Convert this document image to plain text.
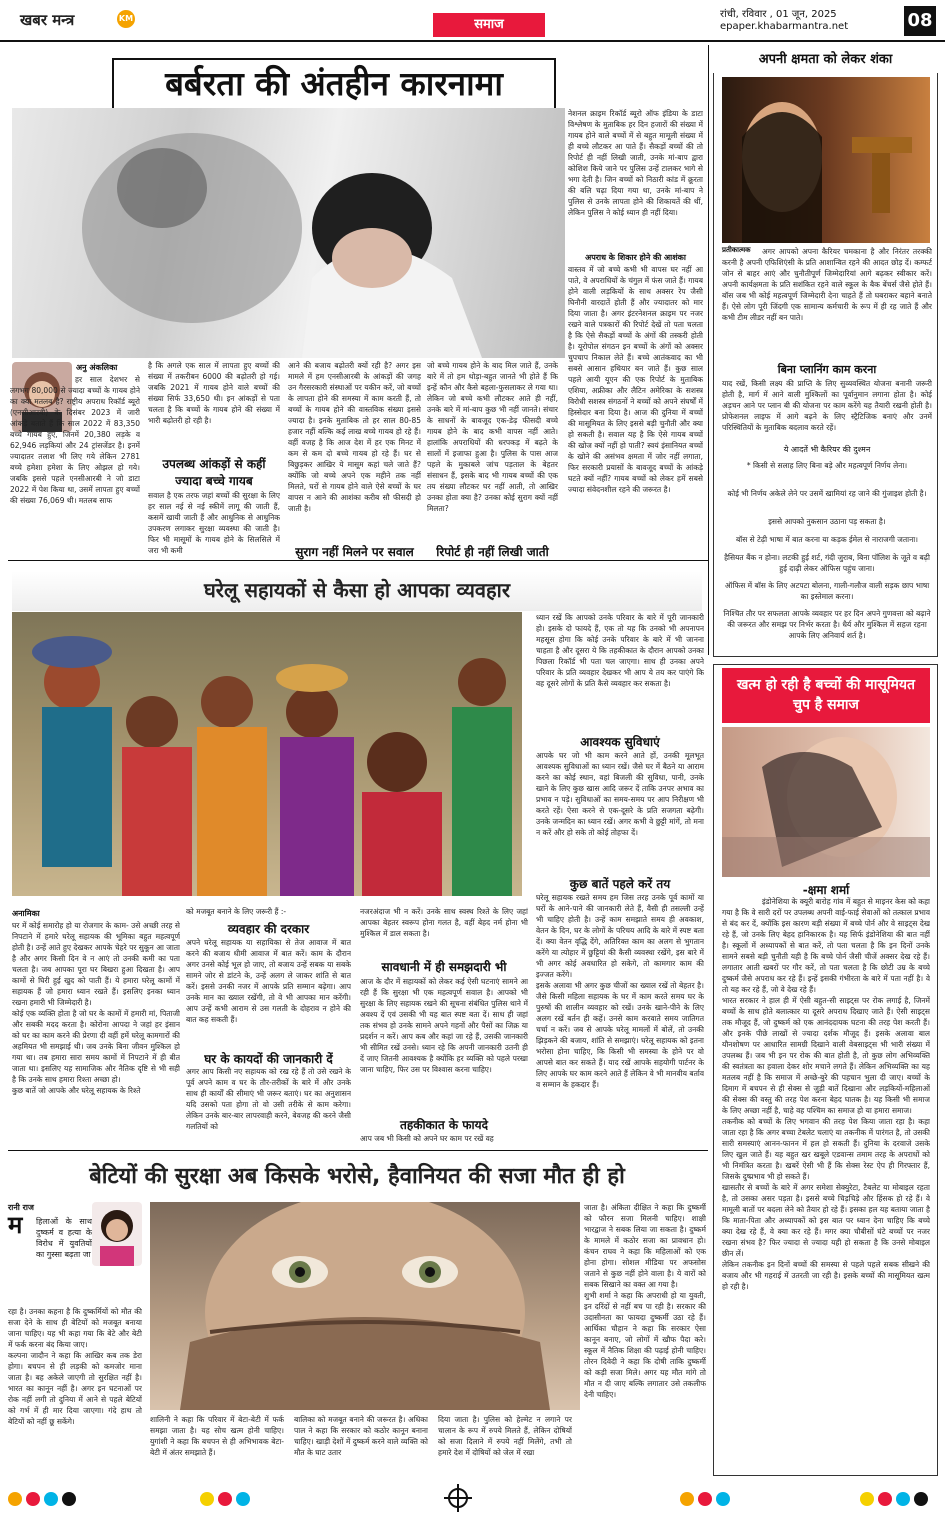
खबर मन्त्र	KM	समाज
रांची, रविवार , 01 जून, 2025
epaper.khabarmantra.net	08
बर्बरता की अंतहीन कारनामा
अनु अंकलिका
हर साल देशभर से लगभग 80,000 से ज्यादा बच्चों के गायब होने का क्या मतलब है? राष्ट्रीय अपराध रिकॉर्ड ब्यूरो (एनसीआरबी) के दिसंबर 2023 में जारी आंकड़े बताते हैं कि साल 2022 में 83,350 बच्चे गायब हुए, जिनमें 20,380 लड़के व 62,946 लड़कियां और 24 ट्रांसजेंडर है। इनमें ज्यादातर तलाश भी लिए गये लेकिन 2781 बच्चे हमेशा हमेशा के लिए ओझल हो गये। जबकि इससे पहले एनसीआरबी ने जो डाटा 2022 में पेश किया था, उसमें लापता हुए बच्चों की संख्या 76,069 थी। मतलब साफ
है कि अगले एक साल में लापता हुए बच्चों की संख्या में तकरीबन 6000 की बढ़ोतरी हो गई। जबकि 2021 में गायब होने वाले बच्चों की संख्या सिर्फ 33,650 थी। इन आंकड़ों से पता चलता है कि बच्चों के गायब होने की संख्या में भारी बढ़ोतरी हो रही है।
उपलब्ध आंकड़ों से कहीं ज्यादा बच्चे गायब
सवाल है एक तरफ जहां बच्चों की सुरक्षा के लिए हर साल नई से नई स्कीमें लागू की जाती हैं, कसमें खायी जाती हैं और आधुनिक से आधुनिक उपकरण लगाकर सुरक्षा व्यवस्था की जाती है। फिर भी मासूमों के गायब होने के सिलसिले में जरा भी कमी
आने की बजाय बढ़ोतरी क्यों रही है? अगर इस मामले में हम एनसीआरबी के आंकड़ों की जगह उन गैरसरकारी संस्थाओं पर यकीन करें, जो बच्चों के लापता होने की समस्या में काम करती हैं, तो बच्चों के गायब होने की वास्तविक संख्या इससे ज्यादा है। इनके मुताबिक तो हर साल 80-85 हजार नहीं बल्कि कई लाख बच्चे गायब हो रहे हैं। वहीं वजह है कि आज देश में हर एक मिनट में कम से कम दो बच्चे गायब हो रहे हैं। घर से बिछुड़कर आखिर ये मासूम कहां चले जाते हैं? क्योंकि जो बच्चे अपने एक महीने तक नहीं मिलते, घरों से गायब होने वाले ऐसे बच्चों के घर वापस न आने की आशंका करीब सौ फीसदी हो जाती है।
सुराग नहीं मिलने पर सवाल
जो बच्चे गायब होने के बाद मिल जाते हैं, उनके बारे में तो हम थोड़ा-बहुत जानते भी होते हैं कि इन्हें कौन और कैसे बहला-फुसलाकर ले गया था। लेकिन जो बच्चे कभी लौटकर आते ही नहीं, उनके बारे में मां-बाप कुछ भी नहीं जानते। संचार के साधनों के बावजूद एक-डेढ़ फीसदी बच्चे गायब होने के बाद कभी वापस नहीं आते। हालांकि अपराधियों की धरपकड़ में बढ़ते के सालों में इजाफा हुआ है। पुलिस के पास आज पहले के मुकाबले जांच पड़ताल के बेहतर संसाधन हैं, इसके बाद भी गायब बच्चों की एक तय संख्या लौटकर घर नहीं आती, तो आखिर उनका होता क्या है? उनका कोई सुराग क्यों नहीं मिलता?
रिपोर्ट ही नहीं लिखी जाती
नेशनल क्राइम रिकॉर्ड ब्यूरो ऑफ इंडिया के डाटा विश्लेषण के मुताबिक हर दिन हजारों की संख्या में गायब होने वाले बच्चों में से बहुत मामूली संख्या में ही बच्चे लौटकर आ पाते हैं। सैकड़ों बच्चों की तो रिपोर्ट ही नहीं लिखी जाती, उनके मां-बाप द्वारा कोशिश किये जाने पर पुलिस उन्हें टालकर भागे से भगा देती है। जिन बच्चों को निठारी कांड में क्रूरता की बलि चढ़ा दिया गया था, उनके मां-बाप ने पुलिस से उनके लापता होने की शिकायतें की थीं, लेकिन पुलिस ने कोई ध्यान ही नहीं दिया।
अपराध के शिकार होने की आशंका
वास्तव में जो बच्चे कभी भी वापस घर नहीं आ पाते, वे अपराधियों के चंगुल में फंस जाते हैं। गायब होने वाली लड़कियों के साथ अक्सर रेप जैसी घिनौनी वारदातें होती हैं और ज्यादातर को मार दिया जाता है। अगर इंटरनेशनल क्राइम पर नजर रखने वाले पत्रकारों की रिपोर्ट देखें तो पता चलता है कि ऐसे सैकड़ों बच्चों के अंगों की तस्करी होती है। यूरोपोल संगठन इन बच्चों के अंगों को अक्सर चुपचाप निकाल लेते हैं। बच्चे आतंकवाद का भी सबसे आसान हथियार बन जाते हैं। कुछ साल पहले आयी यूएन की एक रिपोर्ट के मुताबिक एशिया, अफ्रीका और लैटिन अमेरिका के सशस्त्र विरोधी सशस्त्र संगठनों ने बच्चों को अपने संघर्षों में हिस्सेदार बना दिया है। आज की दुनिया में बच्चों की मासूमियत के लिए इससे बड़ी चुनौती और क्या हो सकती है। सवाल यह है कि ऐसे गायब बच्चों की खोज क्यों नहीं हो पाती? स्वयं इंसानियत बच्चों के खोने की असंभव क्षमता में जोर नहीं लगाता, फिर सरकारी प्रयासों के बावजूद बच्चों के आंकड़े घटते क्यों नहीं? गायब बच्चों को लेकर हमें सबसे ज्यादा संवेदनशील रहने की जरूरत है।
अपनी क्षमता को लेकर शंका
प्रतीकात्मक	अगर आपको अपना कैरियर चमकाना है और निरंतर तरक्की करनी है अपनी एफिशिएंसी के प्रति आशान्वित रहने की आदत छोड़ दें। कम्फर्ट जोन से बाहर आएं और चुनौतीपूर्ण जिम्मेदारियां आगे बढ़कर स्वीकार करें। अपनी कार्यक्षमता के प्रति सशंकित रहने वाले स्कूल के बैक बेंचर्स जैसे होते हैं। बॉस जब भी कोई महत्वपूर्ण जिम्मेदारी देना चाहते हैं तो घबराकर बहाने बनाते हैं। ऐसे लोग पूरी जिंदगी एक सामान्य कर्मचारी के रूप में ही रह जाते हैं और कभी टीम लीडर नहीं बन पाते।
बिना प्लानिंग काम करना
याद रखें, किसी लक्ष्य की प्राप्ति के लिए सुव्यवस्थित योजना बनानी जरूरी होती है, मार्ग में आने वाली मुश्किलों का पूर्वानुमान लगाना होता है। कोई अड़चन आने पर प्लान बी की योजना पर काम करेंगे यह तैयारी रखनी होती है। प्रोफेशनल लाइफ में आगे बढ़ने के लिए स्ट्रैटिजिक बनाएं और उनमें परिस्थितियों के मुताबिक बदलाव करते रहें।
ये आदतें भी कैरियर की दुश्मन
* किसी से सलाह लिए बिना बड़े और महत्वपूर्ण निर्णय लेना।
कोई भी निर्णय अकेले लेने पर उसमें खामियां रह जाने की गुंजाइश होती है।
इससे आपको नुकसान उठाना पड़ सकता है।
बॉस से टेढ़ी भाषा में बात करना या कड़क ईमेल से नाराजगी जताना।
हैसियत बैंक न होना। लटकी हुई शर्ट, गंदी जुराब, बिना पॉलिश के जूते व बढ़ी हुई दाढ़ी लेकर ऑफिस पहुंच जाना।
ऑफिस में बॉस के लिए अटपटा बोलना, गाली-गलौज वाली सड़क छाप भाषा का इस्तेमाल करना।
निश्चित तौर पर सफलता आपके व्यवहार पर हर दिन अपने गुणवत्ता को बढ़ाने की जरूरत और समझ पर निर्भर करता है। धैर्य और मुश्किल में सहज रहना आपके लिए अनिवार्य शर्त है।
घरेलू सहायकों से कैसा हो आपका व्यवहार
ध्यान रखें कि आपको उनके परिवार के बारे में पूरी जानकारी हो। इसके दो फायदे हैं, एक तो यह कि उनको भी अपनापन महसूस होगा कि कोई उनके परिवार के बारे में भी जानना चाहता है और दूसरा ये कि तहकीकात के दौरान आपको उनका पिछला रिकॉर्ड भी पता चल जाएगा। साथ ही उनका अपने परिवार के प्रति व्यवहार देखकर भी आप ये तय कर पाएंगे कि वह दूसरे लोगों के प्रति कैसे व्यवहार कर सकता है।
आवश्यक सुविधाएं
आपके घर जो भी काम करने आते हों, उनकी मूलभूत आवश्यक सुविधाओं का ध्यान रखें। जैसे घर में बैठने या आराम करने का कोई स्थान, वहां बिजली की सुविधा, पानी, उनके खाने के लिए कुछ खास आदि जरूर दें ताकि उनपर अभाव का प्रभाव न पड़े। सुविधाओं का समय-समय पर आप निरीक्षण भी करते रहें। ऐसा करने से एक-दूसरे के प्रति सजगता बढ़ेगी। उनके जन्मदिन का ध्यान रखें। अगर कभी वे छुट्टी मांगें, तो मना न करें और हो सके तो कोई तोहफा दें।
कुछ बातें पहले करें तय
घरेलू सहायक रखते समय हम जिस तरह उनके पूर्व कामों या घरों के आने-पाने की जानकारी लेते हैं, वैसी ही तसल्ली उन्हें भी चाहिए होती है। उन्हें काम समझाते समय ही अवकाश, वेतन के दिन, घर के लोगों के परिचय आदि के बारे में स्पष्ट बता दें। क्या वेतन वृद्धि देंगे, अतिरिक्त काम का अलग से भुगतान करेंगे या त्योहार में छुट्टियां की कैसी व्यवस्था रखेंगे, इस बारे में भी अगर कोई अवधारित हो सकेगे, तो कामगार काम की इज्जत करेंगे।
इसके अलावा भी अगर कुछ चीजों का ख्याल रखें तो बेहतर है। जैसे किसी महिला सहायक के घर में काम करते समय घर के पुरुषों की शालीन व्यवहार को रखें। उनके खाने-पीने के लिए अलग रखें बर्तन ही कहें। उनसे काम करवाते समय जातिगत चर्चा न करें। जब से आपके घरेलू मामलों में बोलें, तो उनकी झिड़कने की बजाय, शांति से समझाएं। घरेलू सहायक को इतना भरोसा होना चाहिए, कि किसी भी समस्या के होने पर वो आपसे बात कर सकते हैं। याद रखें आपके सहयोगी पार्टनर के लिए आपके घर काम करने आते हैं लेकिन वे भी मानवीय बर्ताव व सम्मान के हकदार हैं।
अनामिका
घर में कोई समारोह हो या रोजगार के काम- उसे अच्छी तरह से निपटाने में हमारे घरेलू सहायक की भूमिका बहुत महत्वपूर्ण होती है। उन्हें आते हुए देखकर आपके चेहरे पर सुकून आ जाता है और अगर किसी दिन वे न आएं तो उनकी कमी का पता चलता है। जब आपका पूरा घर बिखरा हुआ दिखता है। आप कामों से घिरी हुई खुद को पाती हैं। ये हमारा घरेलू कामों में सहायक हैं जो हमारा ध्यान रखते हैं। इसलिए इनका ध्यान रखना हमारी भी जिम्मेदारी है।
कोई एक व्यक्ति होता है जो घर के कामों में हमारी मां, पिताजी और सबकी मदद करता है। कोरोना आपदा ने जहां हर इंसान को घर का काम करने की प्रेरणा दी वहीं हमें घरेलू कामगारों की अहमियत भी समझाई थी। जब उनके बिना जीवन मुश्किल हो गया था। तब हमारा सारा समय कामों में निपटाने में ही बीत जाता था। इसलिए यह सामाजिक और नैतिक दृष्टि से भी सही है कि उनके साथ हमारा रिश्ता अच्छा हो।
कुछ बातें जो आपके और घरेलू सहायक के रिश्ते
को मजबूत बनाने के लिए जरूरी हैं :-
व्यवहार की दरकार
अपने घरेलू सहायक या सहायिका से तेज आवाज में बात करने की बजाय धीमी आवाज में बात करें। काम के दौरान अगर उनसे कोई भूल हो जाए, तो बजाय उन्हें सबक या सबके सामने जोर से डांटने के, उन्हें अलग ले जाकर शांति से बात करें। इससे उनकी नजर में आपके प्रति सम्मान बढ़ेगा। आप उनके मान का ख्याल रखेंगी, तो वे भी आपका मान करेंगी। आप उन्हें कभी आराम से उस गलती के दोहराव न होने की बात कह सकती हैं।
घर के कायदों की जानकारी दें
अगर आप किसी नए सहायक को रख रहे हैं तो उसे रखने के पूर्व अपने काम व घर के तौर-तरीकों के बारे में और उनके साथ ही कार्यों की सीमाएं भी जरूर बताएं। घर का अनुशासन यदि उसको पता होगा तो वो उसी तरीके से काम करेगा। लेकिन उनके बार-बार लापरवाही करने, बेवजह की करने जैसी गलतियों को
नजरअंदाज भी न करें। उनके साथ स्वस्थ रिश्ते के लिए जहां आपका बेहतर स्वरूप होना गलत है, वहीं बेहद नर्म होना भी मुश्किल में डाल सकता है।
सावधानी में ही समझदारी भी
आज के दौर में सहायकों को लेकर कई ऐसी घटनाएं सामने आ रही हैं कि सुरक्षा भी एक महत्वपूर्ण सवाल है। आपको भी सुरक्षा के लिए सहायक रखने की सूचना संबंधित पुलिस थाने में अवश्य दें एवं उसकी भी यह बात स्पष्ट बता दें। साथ ही जहां तक संभव हो उनके सामने अपने गहनों और पैसों का जिक्र या प्रदर्शन न करें। आप कब और कहां जा रहे हैं, उसकी जानकारी भी सीमित रखें उनसे। ध्यान रहे कि अपनी जानकारी उतनी ही दें जाए जितनी आवश्यक है क्योंकि हर व्यक्ति को पहले परखा जाना चाहिए, फिर उस पर विश्वास करना चाहिए।
तहकीकात के फायदे
आप जब भी किसी को अपने घर काम पर रखें वह
खत्म हो रही है बच्चों की मासूमियत चुप है समाज
-क्षमा शर्मा
इंडोनेशिया के क्यूरी बारोह गांव में बहुत से माइनर केस को कहा गया है कि वे सारी दरों पर उपलब्ध अपनी वाई-फाई सेवाओं को तत्काल प्रभाव से बंद कर दें, क्योंकि इस कारण बड़ी संख्या में बच्चे पोर्न और वे साइट्स देख रहे हैं, जो उनके लिए बेहद हानिकारक है। यह सिर्फ इंडोनेशिया की बात नहीं है। स्कूलों में अध्यापकों से बात करें, तो पता चलता है कि इन दिनों उनके सामने सबसे बड़ी चुनौती यही है कि बच्चे पोर्न जैसी चीजें अक्सर देख रहे हैं। लगातार आती खबरों पर गौर करें, तो पता चलता है कि छोटी उम्र के बच्चे दुष्कर्म जैसे अपराध कर रहे हैं। इन्हें इसकी गंभीरता के बारे में पता नहीं है। वे तो यह कर रहे हैं, जो वे देख रहे हैं।
भारत सरकार ने हाल ही में ऐसी बहुत-सी साइट्स पर रोक लगाई है, जिनमें बच्चों के साथ होते बलात्कार या दूसरे अपराध दिखाए जाते हैं। ऐसी साइट्स तक मौजूद हैं, जो दुष्कर्म को एक आनंददायक घटना की तरह पेश करती हैं। और इनके पीछे लाखों से ज्यादा दर्शक मौजूद हैं। इसके अलावा बाल यौनशोषण पर आधारित सामग्री दिखाने वाली वेबसाइट्स भी भारी संख्या में उपलब्ध हैं। जब भी इन पर रोक की बात होती है, तो कुछ लोग अभिव्यक्ति की स्वतंत्रता का हवाला देकर शोर मचाने लगते हैं। लेकिन अभिव्यक्ति का यह मतलब नहीं है कि समाज में अच्छे-बुरे की पहचान भुला दी जाए। बच्चों के दिमाग में बचपन से ही सेक्स से जुड़ी बातें दिखाना और लड़कियों-महिलाओं की सेक्स की वस्तु की तरह पेश करना बेहद घातक है। यह किसी भी समाज के लिए अच्छा नहीं है, चाहे वह पश्चिम का समाज हो या हमारा समाज।
तकनीक को बच्चों के लिए भगवान की तरह पेश किया जाता रहा है। कहा जाता रहा है कि अगर बच्चा टेबलेट चलाएं या तकनीक में पारंगत है, तो उसकी सारी समस्याएं आनन-फानन में हल हो सकती हैं। दुनिया के दरवाजे उसके लिए खुल जाते हैं। यह बहुत खर खबूले एडवान्स तमाम तरह के अपराधों को भी निमंत्रित करता है। खबरें ऐसी भी हैं कि सेक्स रेस्ट ऐप ही गिरफ्तार हैं, जिसके दुष्प्रभाव भी हो सकते हैं।
खासतौर से बच्चों के बारे में अगर समेशा सेक्युरेटा, टैबलेट या मोबाइल रहता है, तो उसका असर पड़ता है। इससे बच्चे चिड़चिड़े और हिंसक हो रहे हैं। वे मामूली बातों पर बदला लेने को तैयार हो रहे हैं। इसका हल यह बताया जाता है कि माता-पिता और अध्यापकों को इस बात पर ध्यान देना चाहिए कि बच्चे क्या देख रहे हैं, वे क्या कर रहे हैं। मगर क्या चौबीसों घंटे बच्चों पर नजर रखना संभव है? फिर ज्यादा से ज्यादा यही हो सकता है कि उनसे मोबाइल छीन लें।
लेकिन तकनीक इन दिनों बच्चों की समस्या से पहले पहले सबक सीखने की बजाय और भी गहराई में उतरती जा रही है। इसके बच्चों की मासूमियत खत्म हो रही है।
बेटियों की सुरक्षा अब किसके भरोसे, हैवानियत की सजा मौत ही हो
रानी राज
म हिलाओं के साथ दुष्कर्म व हत्या के विरोध में युवतियों का गुस्सा बढ़ता जा
रहा है। उनका कहना है कि दुष्कर्मियों को मौत की सजा देने के साथ ही बेटियों को मजबूत बनाया जाना चाहिए। यह भी कहा गया कि बेटे और बेटी में फर्क करना बंद किया जाए।
कल्पना जादौन ने कहा कि आखिर कब तक डेरा होगा। बचपन से ही लड़की को कमजोर माना जाता है। बह अकेले जाएगी तो सुरक्षित नहीं है। भारत का कानून नहीं है। अगर इन घटनाओं पर रोक नहीं लगी तो दुनिया में आने से पहले बेटियों को गर्भ में ही मार दिया जाएगा। गंदे हाथ तो बेटियों को नहीं छू सकेंगे।	शालिनी ने कहा कि परिवार में बेटा-बेटी में फर्क समझा जाता है। यह सोच खत्म होनी चाहिए। युगांशी ने कहा कि बचपन से ही अभिभावक बेटा-बेटी में अंतर समझाते हैं।
बालिका को मजबूत बनाने की जरूरत है। अधिका पाल ने कहा कि सरकार को कठोर कानून बनाना चाहिए। खाड़ी देशों में दुष्कर्म करने वाले व्यक्ति को मौत के घाट उतार
दिया जाता है। पुलिस को हेल्मेट न लगाने पर चालान के रूप में रुपये मिलते हैं, लेकिन दोषियों को सजा दिलाने में रुपये नहीं मिलेंगे, तभी तो हमारे देश में दोषियों को जेल में रखा
जाता है। अंकिता दीक्षित ने कहा कि दुष्कर्मी को फौरन सजा मिलनी चाहिए। शाक्षी भारद्वाज ने सबक लिया जा सकता है। दुष्कर्म के मामले में कठोर सजा का प्रावधान हो। कंचन राघव ने कहा कि महिलाओं को एक होना होगा। सोशल मीडिया पर अफसोस जताने से कुछ नहीं होने वाला है। ये वारों को सबक सिखाने का वक्त आ गया है।
शुभी शर्मा ने कहा कि अपराधी हो या युवती, इन दरिंदों से नहीं बच पा रही है। सरकार की उदासीनता का फायदा दुष्कर्मी उठा रहे हैं। आर्थिका चौहान ने कहा कि सरकार ऐसा कानून बनाए, जो लोगों में खौफ पैदा करे। स्कूल में नैतिक शिक्षा की पढ़ाई होनी चाहिए। तोरन दिवेदी ने कहा कि दोषी ताकि दुष्कर्मी को कड़ी सजा मिले। अगर यह मौत मांगे तो मौत न दी जाए बल्कि लगातार उसे तकलीफ देनी चाहिए।
